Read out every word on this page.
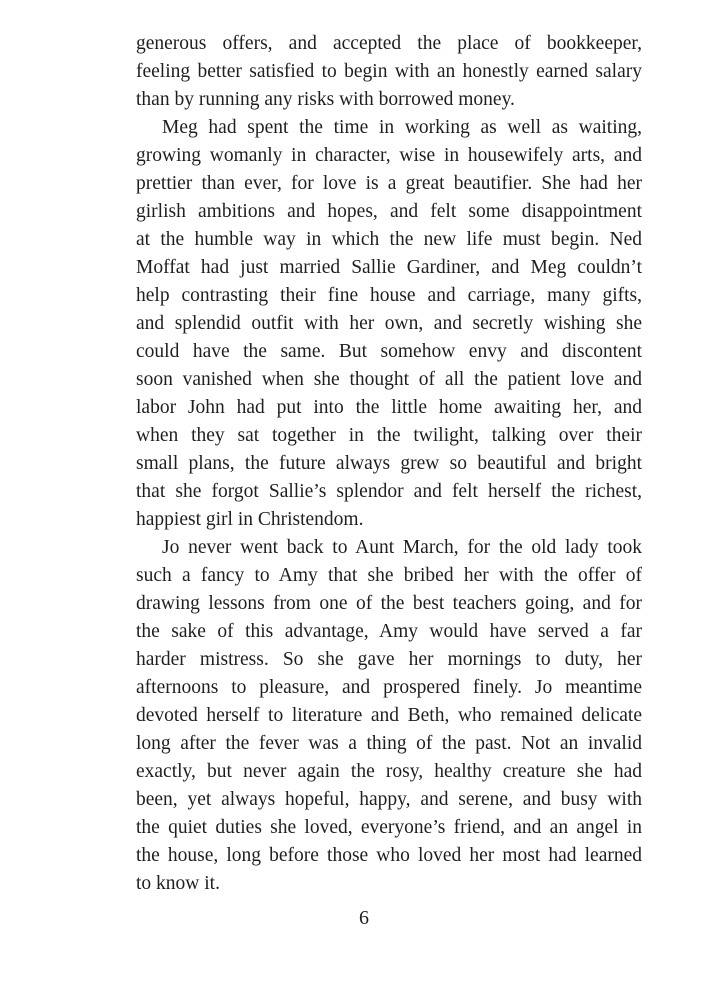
generous offers, and accepted the place of bookkeeper,
feeling better satisfied to begin with an honestly earned salary
than by running any risks with borrowed money.
Meg had spent the time in working as well as waiting,
growing womanly in character, wise in housewifely arts, and
prettier than ever, for love is a great beautifier. She had her
girlish ambitions and hopes, and felt some disappointment
at the humble way in which the new life must begin. Ned
Moffat had just married Sallie Gardiner, and Meg couldn’t
help contrasting their fine house and carriage, many gifts,
and splendid outfit with her own, and secretly wishing she
could have the same. But somehow envy and discontent
soon vanished when she thought of all the patient love and
labor John had put into the little home awaiting her, and
when they sat together in the twilight, talking over their
small plans, the future always grew so beautiful and bright
that she forgot Sallie’s splendor and felt herself the richest,
happiest girl in Christendom.
Jo never went back to Aunt March, for the old lady took
such a fancy to Amy that she bribed her with the offer of
drawing lessons from one of the best teachers going, and for
the sake of this advantage, Amy would have served a far
harder mistress. So she gave her mornings to duty, her
afternoons to pleasure, and prospered finely. Jo meantime
devoted herself to literature and Beth, who remained delicate
long after the fever was a thing of the past. Not an invalid
exactly, but never again the rosy, healthy creature she had
been, yet always hopeful, happy, and serene, and busy with
the quiet duties she loved, everyone’s friend, and an angel in
the house, long before those who loved her most had learned
to know it.
6
